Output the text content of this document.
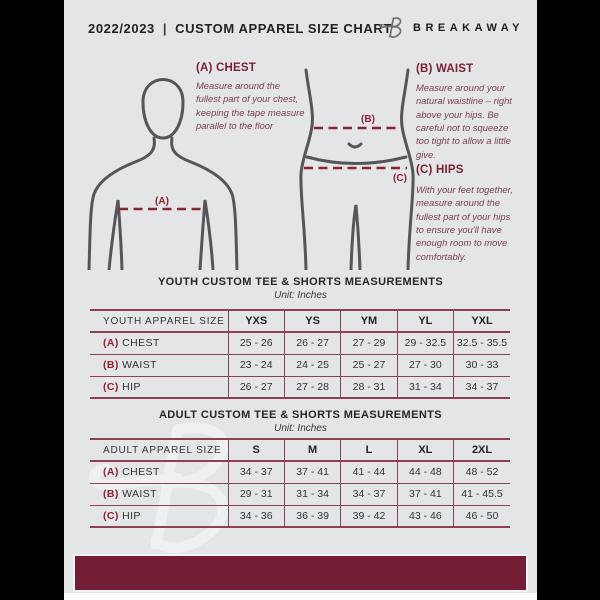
2022/2023 | CUSTOM APPAREL SIZE CHART BREAKAWAY
(A)
(B)
(C)
(A) CHEST
Measure around the fullest part of your chest, keeping the tape measure parallel to the floor
(B) WAIST
Measure around your natural waistline – right above your hips. Be careful not to squeeze too tight to allow a little give.
(C) HIPS
With your feet together, measure around the fullest part of your hips to ensure you'll have enough room to move comfortably.
YOUTH CUSTOM TEE & SHORTS MEASUREMENTS
Unit: Inches
YOUTH APPAREL SIZE	YXS	YS	YM	YL	YXL
(A) CHEST	25 - 26	26 - 27	27 - 29	29 - 32.5	32.5 - 35.5
(B) WAIST	23 - 24	24 - 25	25 - 27	27 - 30	30 - 33
(C) HIP	26 - 27	27 - 28	28 - 31	31 - 34	34 - 37
ADULT CUSTOM TEE & SHORTS MEASUREMENTS
Unit: Inches
ADULT APPAREL SIZE	S	M	L	XL	2XL
(A) CHEST	34 - 37	37 - 41	41 - 44	44 - 48	48 - 52
(B) WAIST	29 - 31	31 - 34	34 - 37	37 - 41	41 - 45.5
(C) HIP	34 - 36	36 - 39	39 - 42	43 - 46	46 - 50
